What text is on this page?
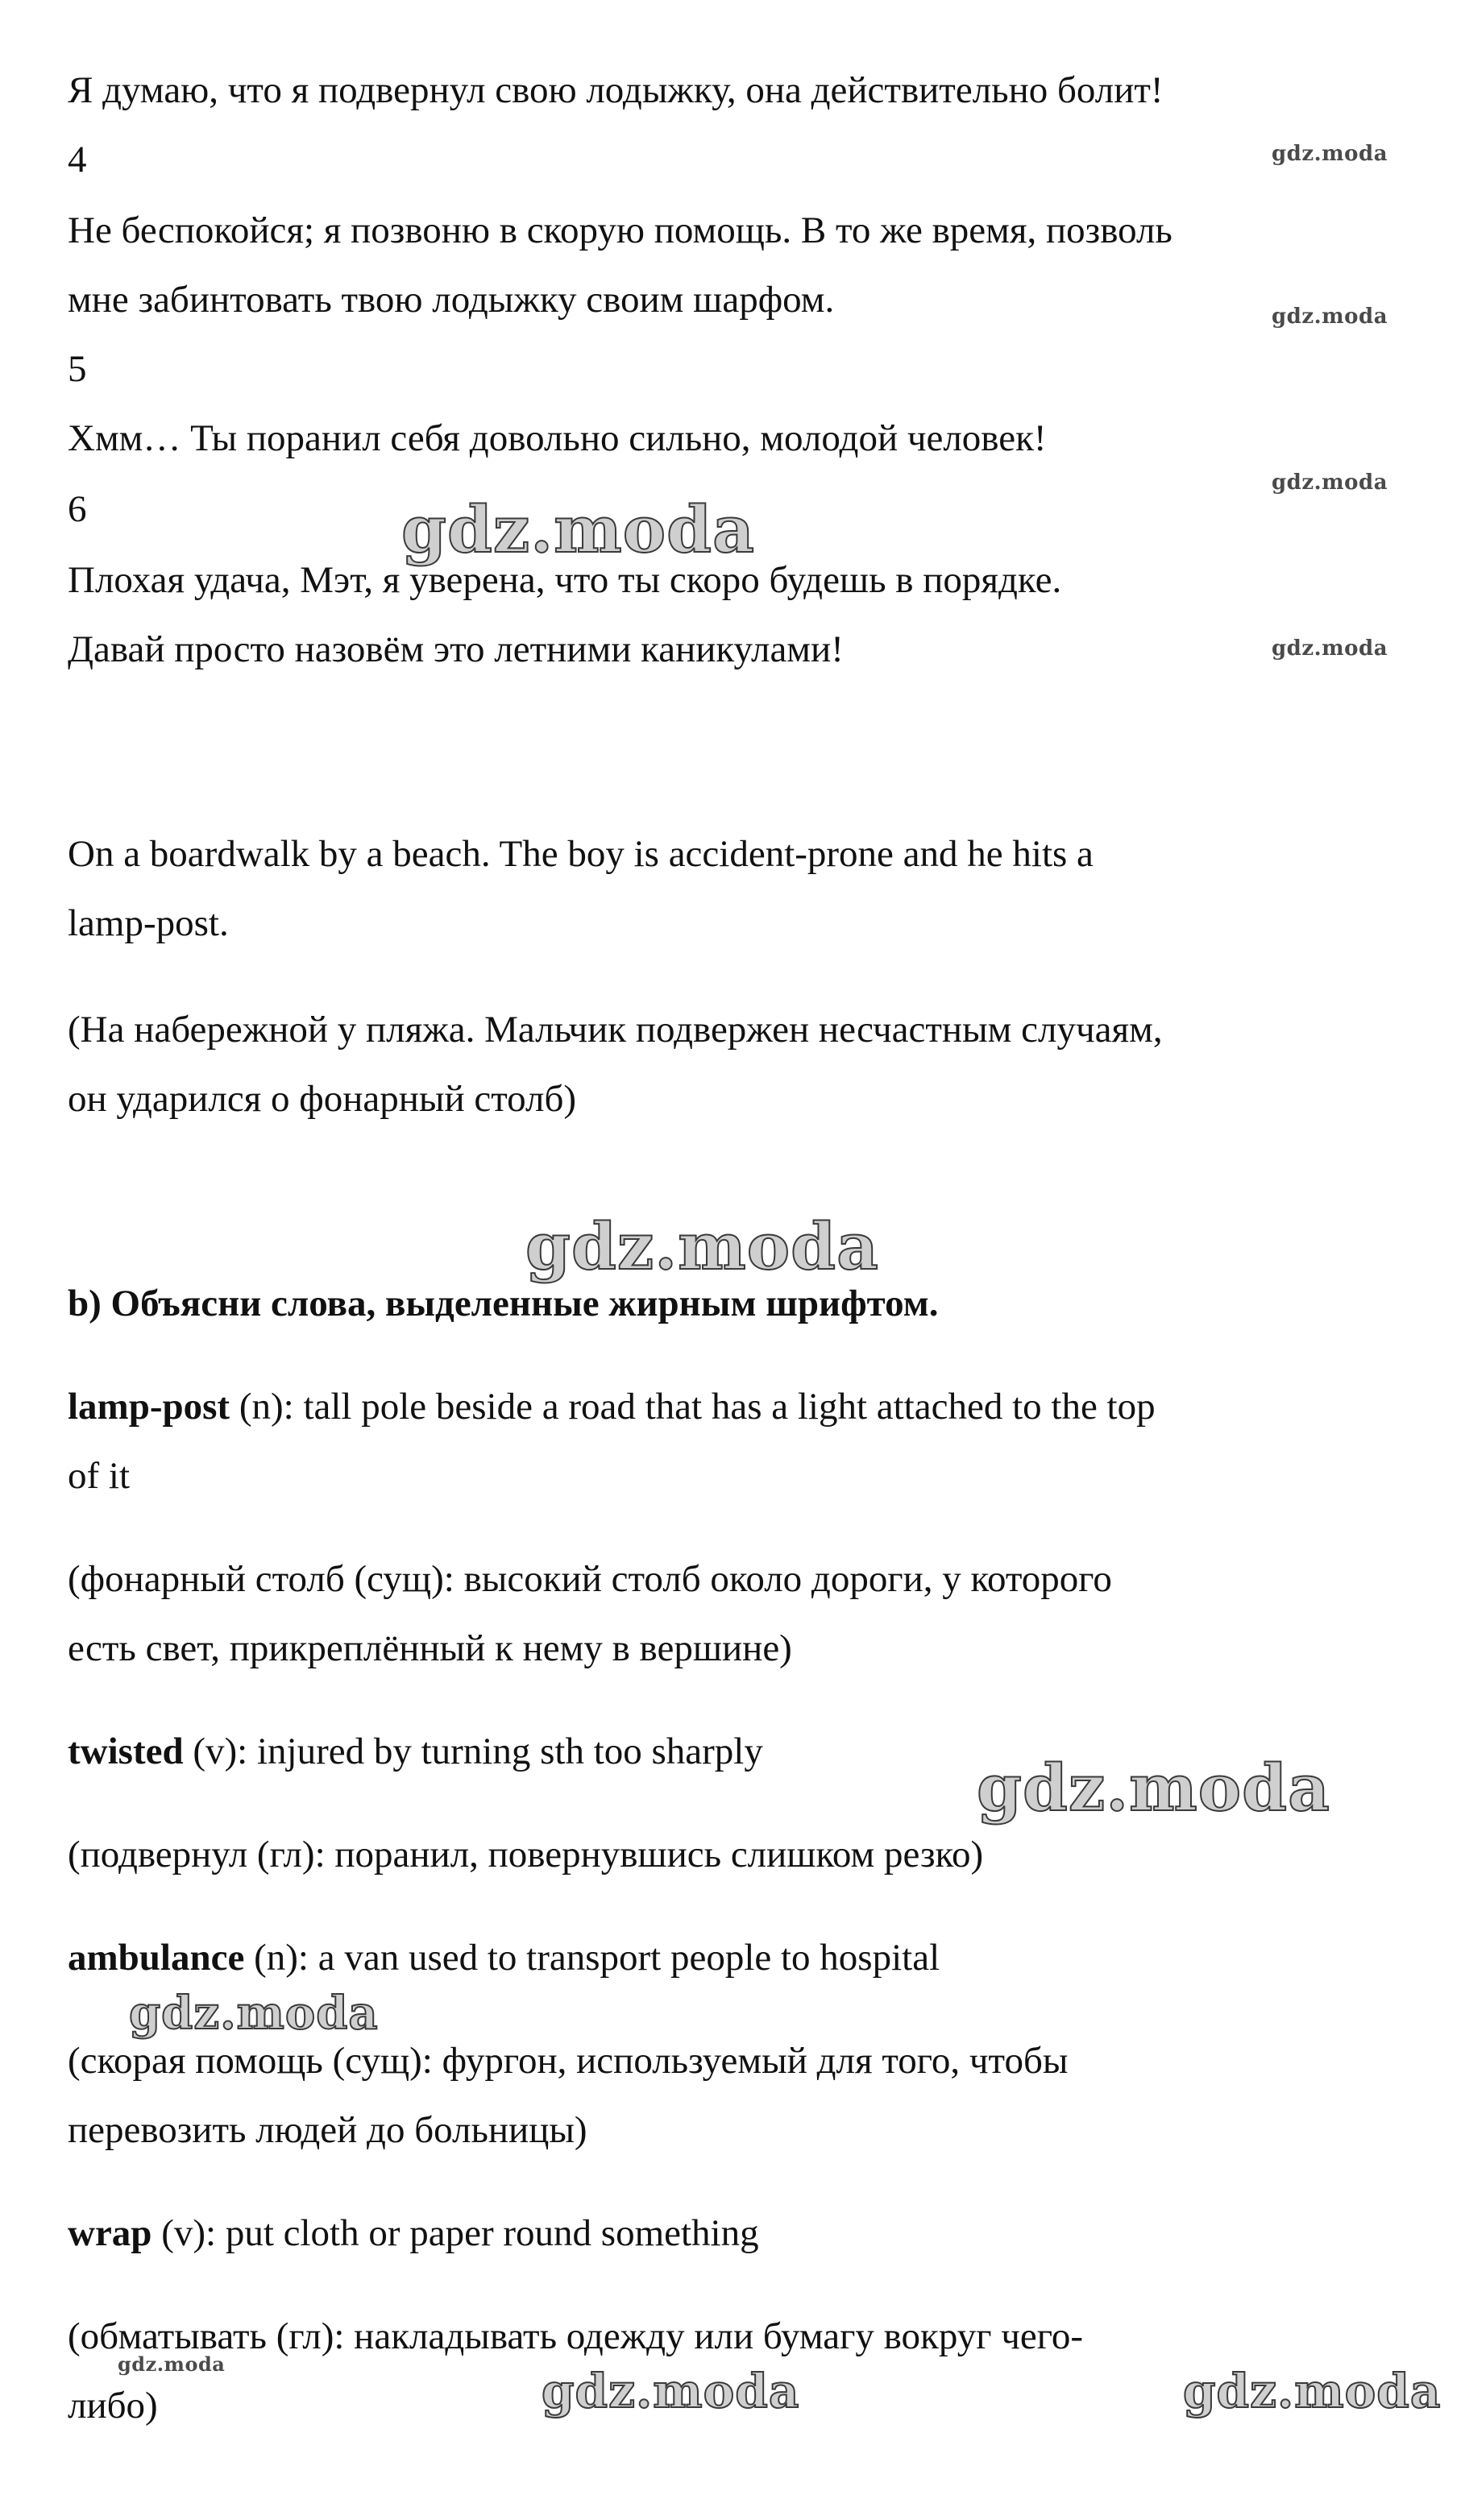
Я думаю, что я подвернул свою лодыжку, она действительно болит!
4
Не беспокойся; я позвоню в скорую помощь. В то же время, позволь
мне забинтовать твою лодыжку своим шарфом.
5
Хмм… Ты поранил себя довольно сильно, молодой человек!
6
Плохая удача, Мэт, я уверена, что ты скоро будешь в порядке.
Давай просто назовём это летними каникулами!
On a boardwalk by a beach. The boy is accident-prone and he hits a
lamp-post.
(На набережной у пляжа. Мальчик подвержен несчастным случаям,
он ударился о фонарный столб)
b) Объясни слова, выделенные жирным шрифтом.
lamp-post (n): tall pole beside a road that has a light attached to the top
of it
(фонарный столб (сущ): высокий столб около дороги, у которого
есть свет, прикреплённый к нему в вершине)
twisted (v): injured by turning sth too sharply
(подвернул (гл): поранил, повернувшись слишком резко)
ambulance (n): a van used to transport people to hospital
(скорая помощь (сущ): фургон, используемый для того, чтобы
перевозить людей до больницы)
wrap (v): put cloth or paper round something
(обматывать (гл): накладывать одежду или бумагу вокруг чего-
либо)
gdz.moda
gdz.moda
gdz.moda
gdz.moda
gdz.moda
gdz.moda
gdz.moda
gdz.moda
gdz.moda
gdz.moda	gdz.moda
